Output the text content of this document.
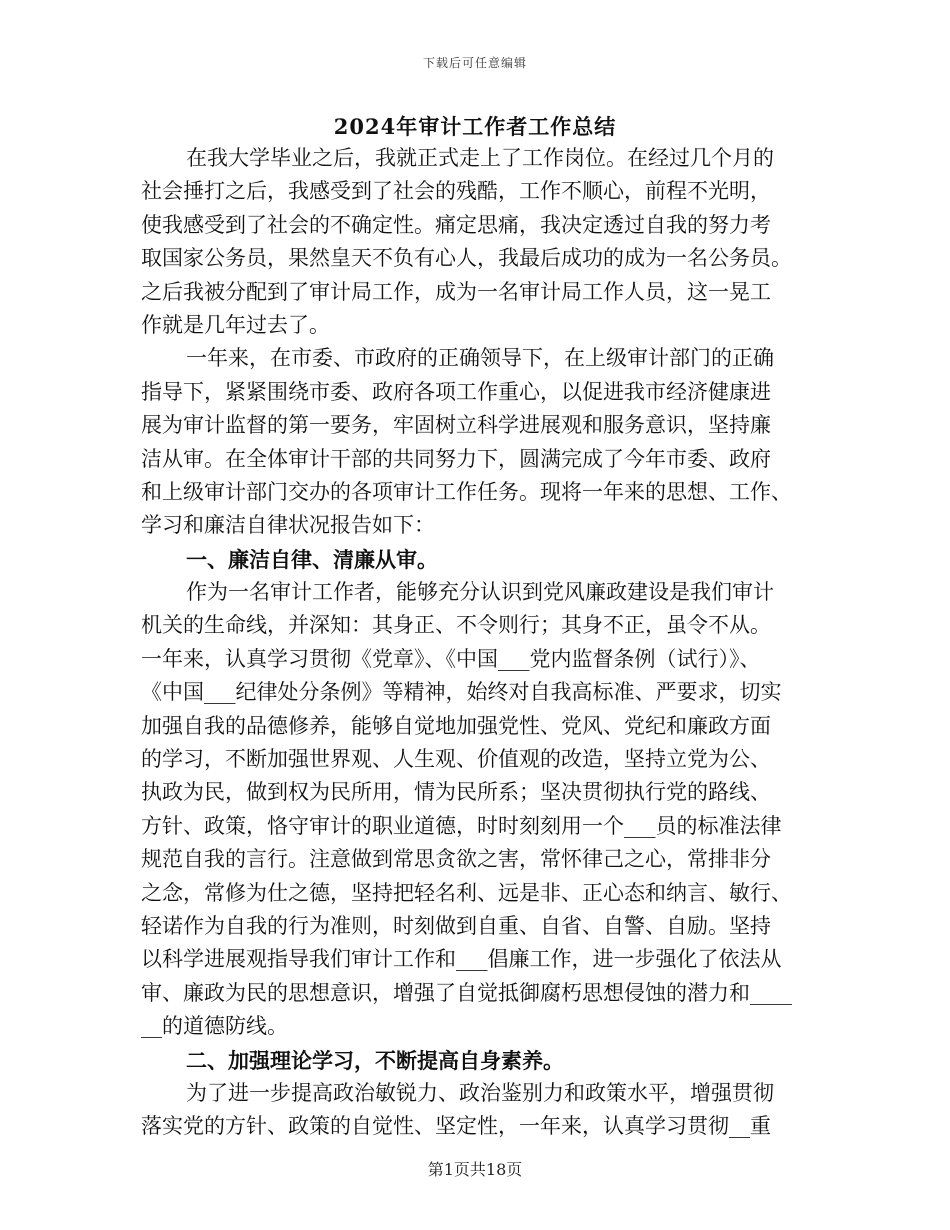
下载后可任意编辑
2024年审计工作者工作总结
在我大学毕业之后，我就正式走上了工作岗位。在经过几个月的
社会捶打之后，我感受到了社会的残酷，工作不顺心，前程不光明，
使我感受到了社会的不确定性。痛定思痛，我决定透过自我的努力考
取国家公务员，果然皇天不负有心人，我最后成功的成为一名公务员。
之后我被分配到了审计局工作，成为一名审计局工作人员，这一晃工
作就是几年过去了。
一年来，在市委、市政府的正确领导下，在上级审计部门的正确
指导下，紧紧围绕市委、政府各项工作重心，以促进我市经济健康进
展为审计监督的第一要务，牢固树立科学进展观和服务意识，坚持廉
洁从审。在全体审计干部的共同努力下，圆满完成了今年市委、政府
和上级审计部门交办的各项审计工作任务。现将一年来的思想、工作、
学习和廉洁自律状况报告如下：
一、廉洁自律、清廉从审。
作为一名审计工作者，能够充分认识到党风廉政建设是我们审计
机关的生命线，并深知：其身正、不令则行；其身不正，虽令不从。
一年来，认真学习贯彻《党章》、《中国___党内监督条例（试行）》、
《中国___纪律处分条例》等精神，始终对自我高标准、严要求，切实
加强自我的品德修养，能够自觉地加强党性、党风、党纪和廉政方面
的学习，不断加强世界观、人生观、价值观的改造，坚持立党为公、
执政为民，做到权为民所用，情为民所系；坚决贯彻执行党的路线、
方针、政策，恪守审计的职业道德，时时刻刻用一个___员的标准法律
规范自我的言行。注意做到常思贪欲之害，常怀律己之心，常排非分
之念，常修为仕之德，坚持把轻名利、远是非、正心态和纳言、敏行、
轻诺作为自我的行为准则，时刻做到自重、自省、自警、自励。坚持
以科学进展观指导我们审计工作和___倡廉工作，进一步强化了依法从
审、廉政为民的思想意识，增强了自觉抵御腐朽思想侵蚀的潜力和____
__的道德防线。
二、加强理论学习，不断提高自身素养。
为了进一步提高政治敏锐力、政治鉴别力和政策水平，增强贯彻
落实党的方针、政策的自觉性、坚定性，一年来，认真学习贯彻__重
第1页共18页
